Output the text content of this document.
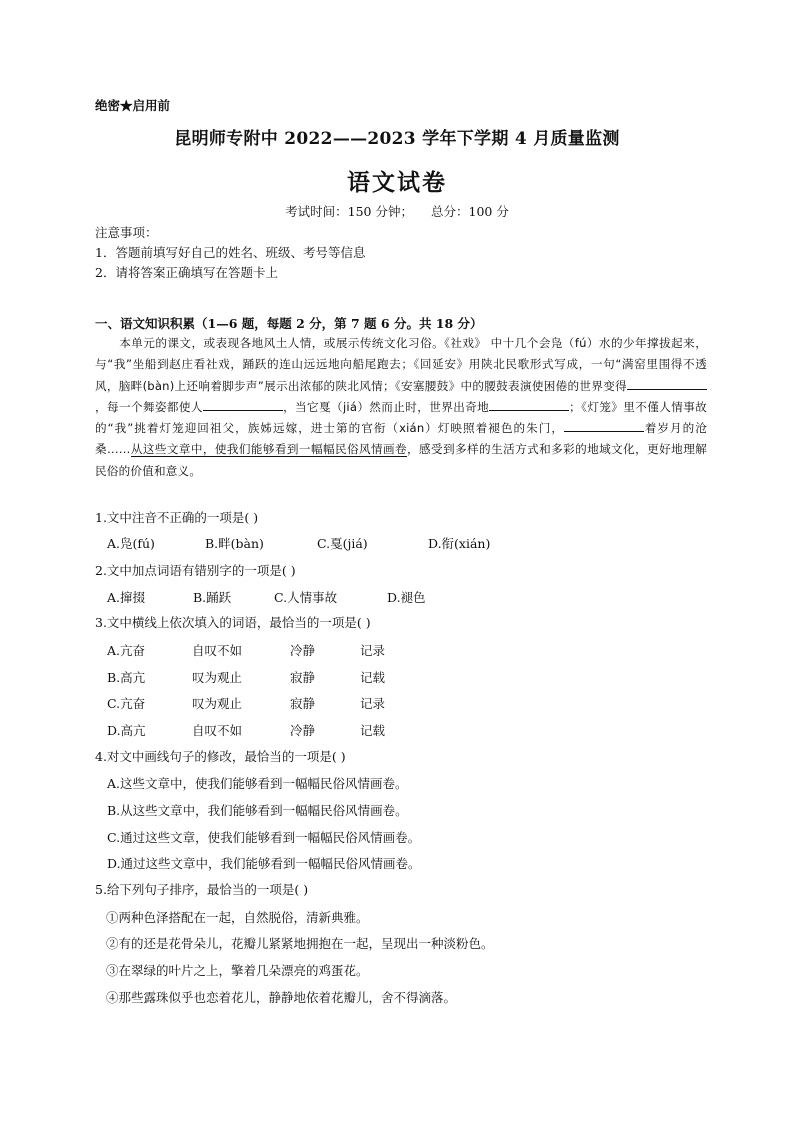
绝密★启用前
昆明师专附中 2022——2023 学年下学期 4 月质量监测
语文试卷
考试时间：150 分钟； 总分：100 分
注意事项：
1．答题前填写好自己的姓名、班级、考号等信息
2．请将答案正确填写在答题卡上
一、语文知识积累（1—6 题，每题 2 分，第 7 题 6 分。共 18 分）
本单元的课文，或表现各地风土人情，或展示传统文化习俗。《社戏》 中十几个会凫（fú）水的少年撑拔起来，与“我”坐船到赵庄看社戏，踊跃的连山远远地向船尾跑去；《回延安》用陕北民歌形式写成，一句“满窑里围得不透风，脑畔(bàn)上还响着脚步声”展示出浓郁的陕北风情；《安塞腰鼓》中的腰鼓表演使困倦的世界变得，每一个舞姿都使人	，当它戛（jiá）然而止时，世界出奇地	；《灯笼》里不僅人情事故的“我”挑着灯笼迎回祖父，族姊远嫁，进士第的官衔（xián）灯映照着褪色的朱门，	着岁月的沧桑……从这些文章中，使我们能够看到一幅幅民俗风情画卷，感受到多样的生活方式和多彩的地域文化，更好地理解民俗的价值和意义。
1.文中注音不正确的一项是( )
A.凫(fú)	B.畔(bàn)	C.戛(jiá)	D.衔(xián)
2.文中加点词语有错别字的一项是( )
A.撺掇	B.踊跃	C.人情事故	D.褪色
3.文中横线上依次填入的词语，最恰当的一项是( )
A.亢奋	自叹不如	冷静	记录
B.高亢	叹为观止	寂静	记载
C.亢奋	叹为观止	寂静	记录
D.高亢	自叹不如	冷静	记载
4.对文中画线句子的修改，最恰当的一项是( )
A.这些文章中，使我们能够看到一幅幅民俗风情画卷。
B.从这些文章中，我们能够看到一幅幅民俗风情画卷。
C.通过这些文章，使我们能够看到一幅幅民俗风情画卷。
D.通过这些文章中，我们能够看到一幅幅民俗风情画卷。
5.给下列句子排序，最恰当的一项是( )
①两种色泽搭配在一起，自然脱俗，清新典雅。
②有的还是花骨朵儿，花瓣儿紧紧地拥抱在一起，呈现出一种淡粉色。
③在翠绿的叶片之上，擎着几朵漂亮的鸡蛋花。
④那些露珠似乎也恋着花儿，静静地依着花瓣儿，舍不得滴落。
